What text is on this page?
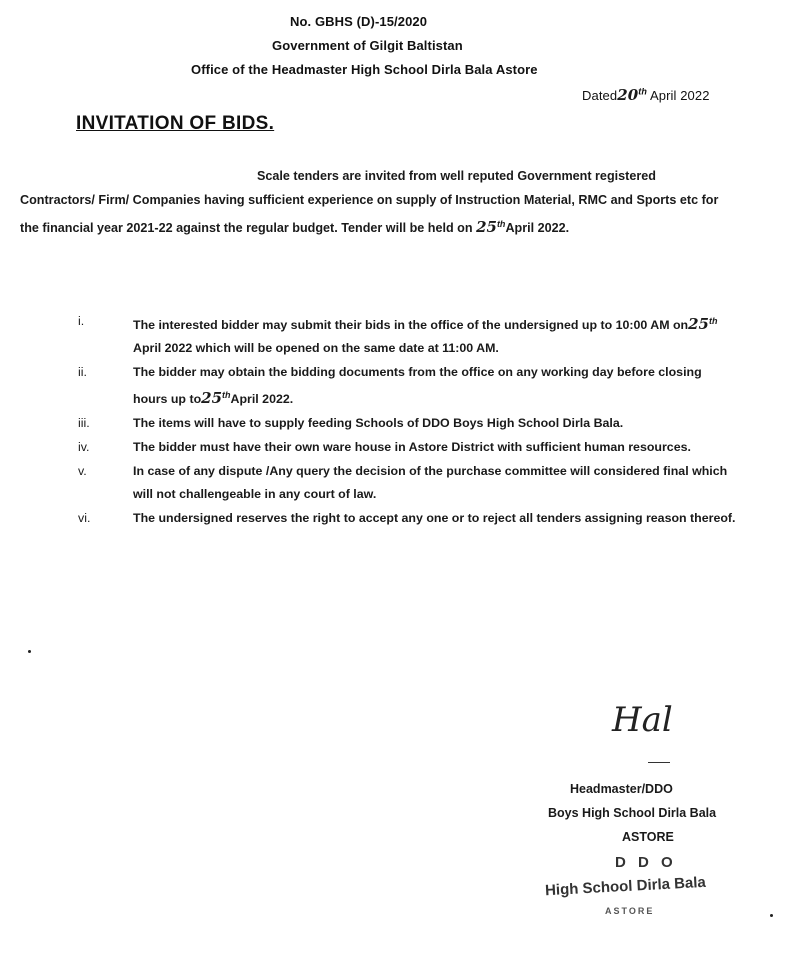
No. GBHS (D)-15/2020
Government of Gilgit Baltistan
Office of the Headmaster High School Dirla Bala Astore
Dated20th April 2022
INVITATION OF BIDS.
Scale tenders are invited from well reputed Government registered Contractors/ Firm/ Companies having sufficient experience on supply of Instruction Material, RMC and Sports etc for the financial year 2021-22 against the regular budget. Tender will be held on 25thApril 2022.
i.	The interested bidder may submit their bids in the office of the undersigned up to 10:00 AM on25th April 2022 which will be opened on the same date at 11:00 AM.
ii.	The bidder may obtain the bidding documents from the office on any working day before closing hours up to25thApril 2022.
iii.	The items will have to supply feeding Schools of DDO Boys High School Dirla Bala.
iv.	The bidder must have their own ware house in Astore District with sufficient human resources.
v.	In case of any dispute /Any query the decision of the purchase committee will considered final which will not challengeable in any court of law.
vi.	The undersigned reserves the right to accept any one or to reject all tenders assigning reason thereof.
Hal
Headmaster/DDO
Boys High School Dirla Bala
ASTORE
D D O
High School Dirla Bala
ASTORE
